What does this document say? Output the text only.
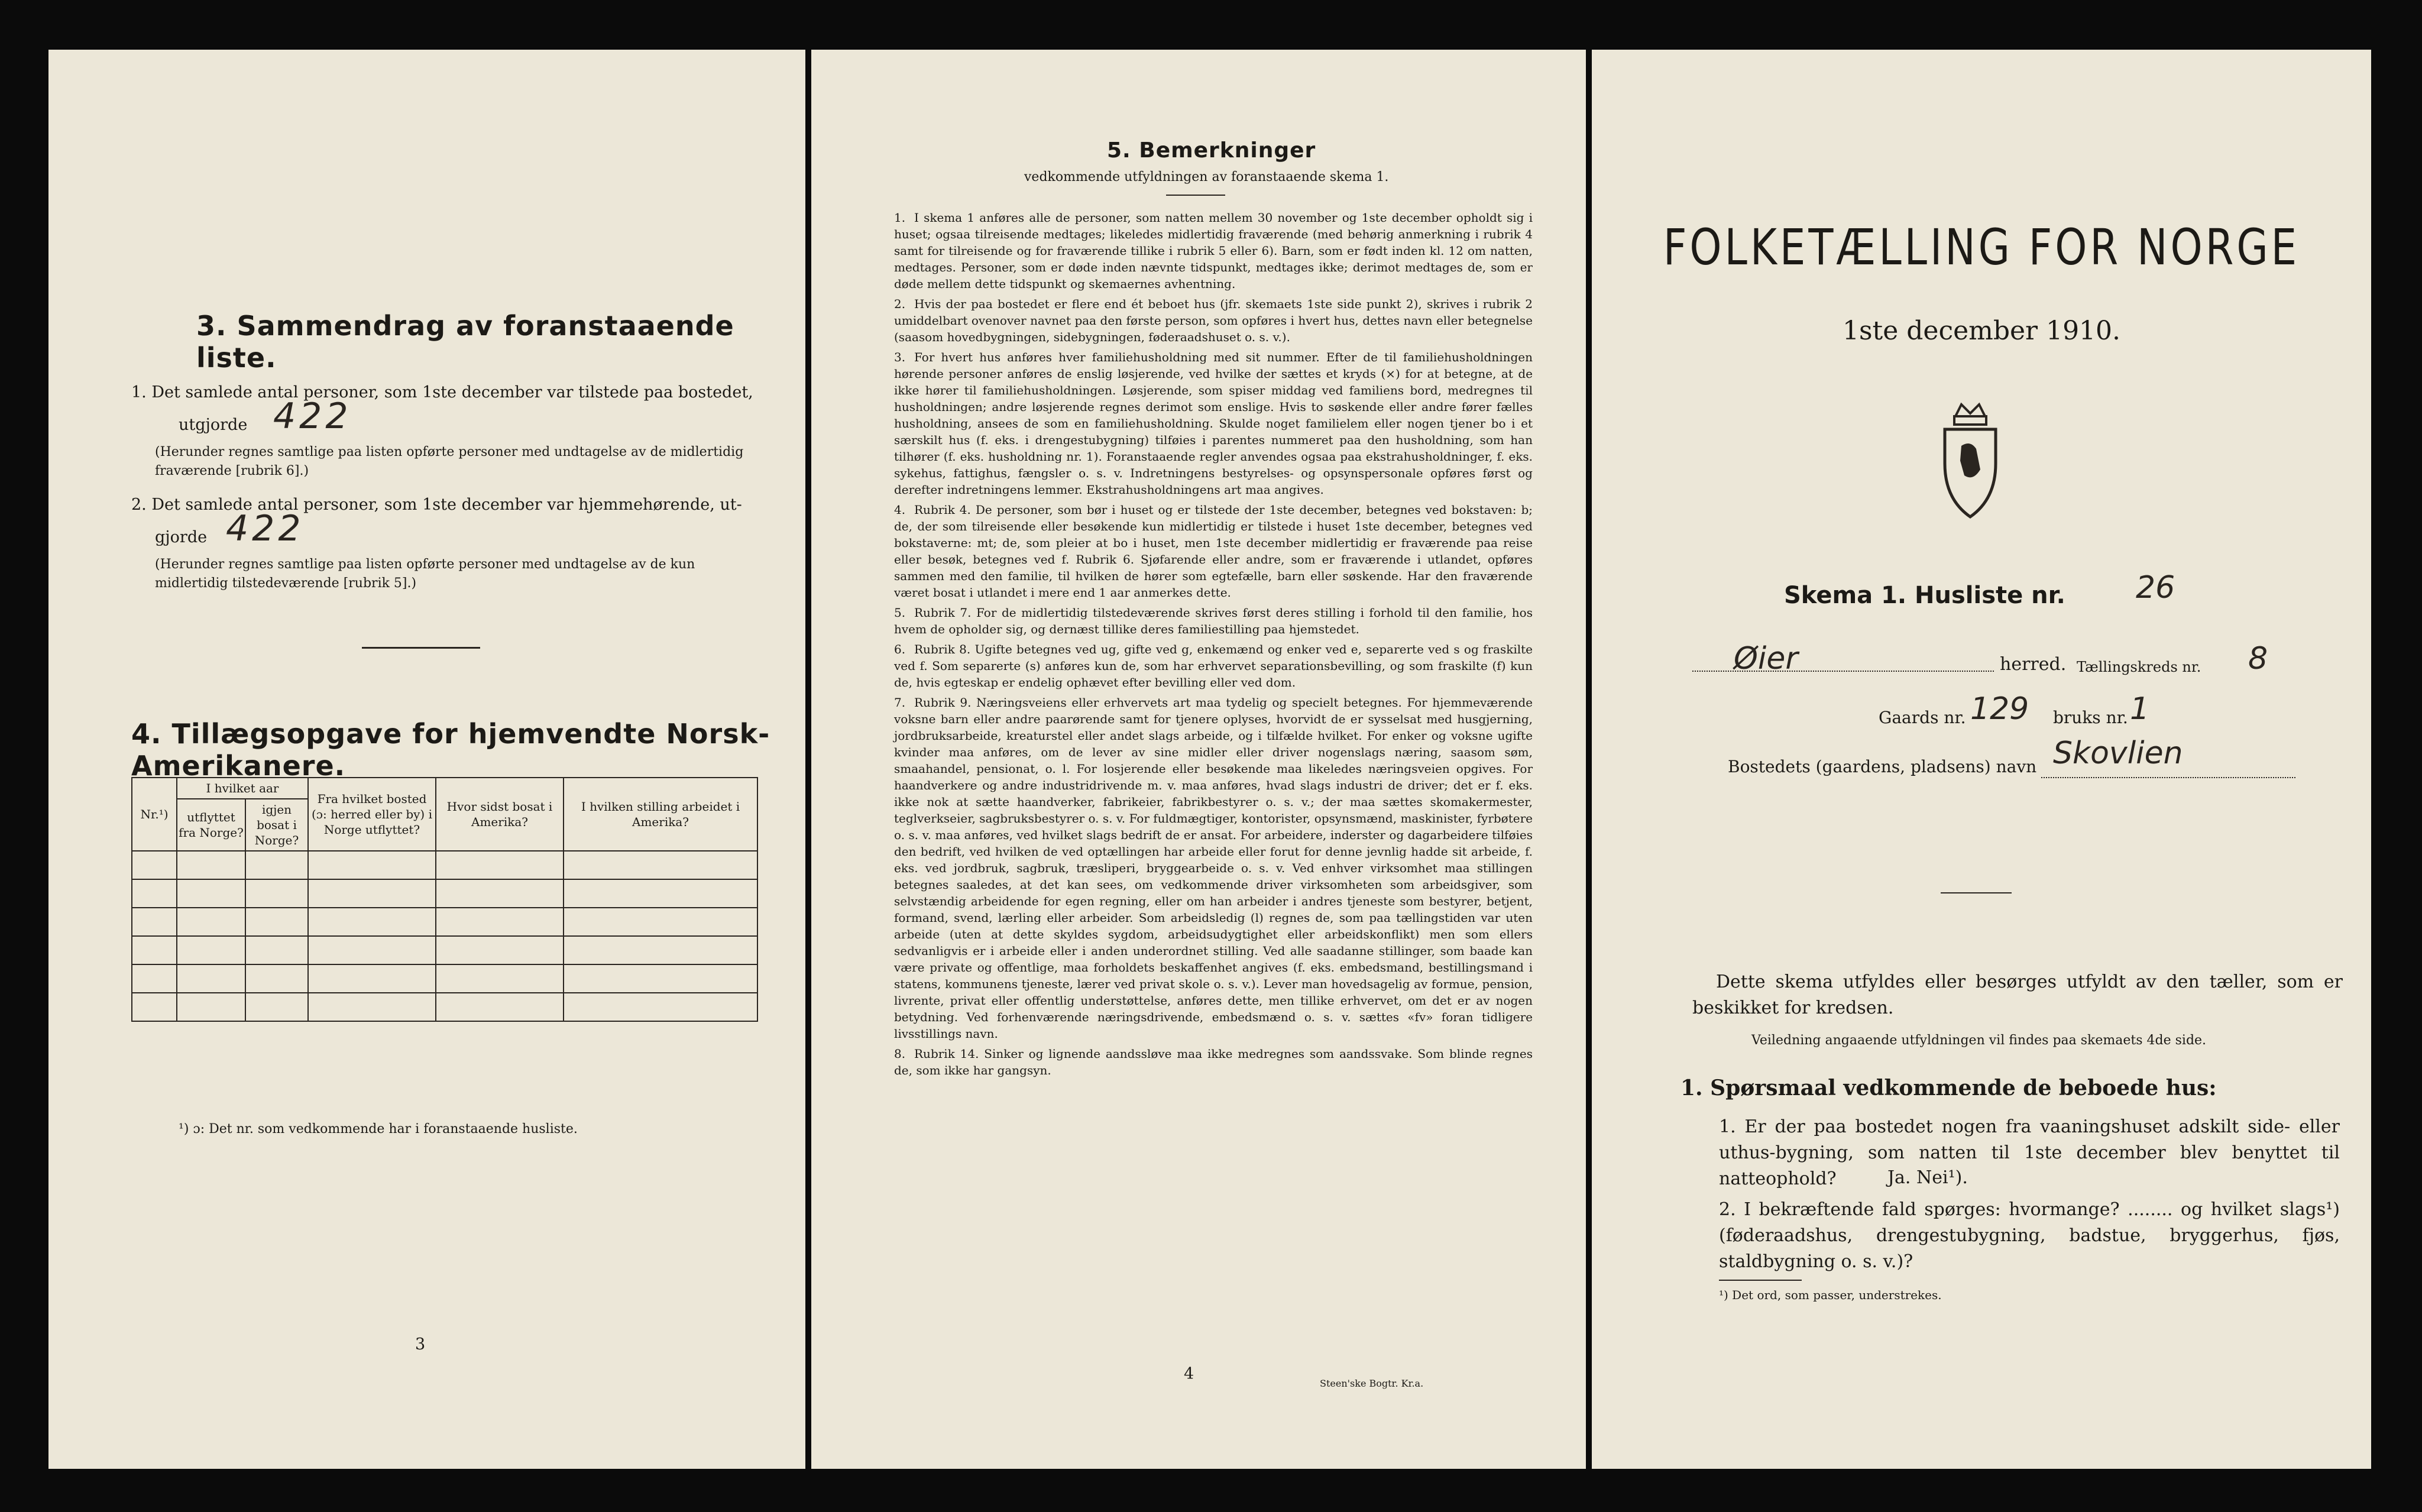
3. Sammendrag av foranstaaende liste.
1. Det samlede antal personer, som 1ste december var tilstede paa bostedet,
utgjorde 422
(Herunder regnes samtlige paa listen opførte personer med undtagelse av de midlertidig fraværende [rubrik 6].)
2. Det samlede antal personer, som 1ste december var hjemmehørende, ut-
gjorde 422
(Herunder regnes samtlige paa listen opførte personer med undtagelse av de kun midlertidig tilstedeværende [rubrik 5].)
4. Tillægsopgave for hjemvendte Norsk-Amerikanere.
Nr.¹)	I hvilket aar		Fra hvilket bosted (ɔ: herred eller by) i Norge utflyttet?	Hvor sidst bosat i Amerika?	I hvilken stilling arbeidet i Amerika?
	utflyttet fra Norge?	igjen bosat i Norge?			

¹) ɔ: Det nr. som vedkommende har i foranstaaende husliste.
3
5. Bemerkninger
vedkommende utfyldningen av foranstaaende skema 1.

1. I skema 1 anføres alle de personer, som natten mellem 30 november og 1ste december opholdt sig i huset; ogsaa tilreisende medtages; likeledes midlertidig fraværende (med behørig anmerkning i rubrik 4 samt for tilreisende og for fraværende tillike i rubrik 5 eller 6). Barn, som er født inden kl. 12 om natten, medtages. Personer, som er døde inden nævnte tidspunkt, medtages ikke; derimot medtages de, som er døde mellem dette tidspunkt og skemaernes avhentning.

2. Hvis der paa bostedet er flere end ét beboet hus (jfr. skemaets 1ste side punkt 2), skrives i rubrik 2 umiddelbart ovenover navnet paa den første person, som opføres i hvert hus, dettes navn eller betegnelse (saasom hovedbygningen, sidebygningen, føderaadshuset o. s. v.).

3. For hvert hus anføres hver familiehusholdning med sit nummer. Efter de til familiehusholdningen hørende personer anføres de enslig løsjerende, ved hvilke der sættes et kryds (×) for at betegne, at de ikke hører til familiehusholdningen. Løsjerende, som spiser middag ved familiens bord, medregnes til husholdningen; andre løsjerende regnes derimot som enslige. Hvis to søskende eller andre fører fælles husholdning, ansees de som en familiehusholdning. Skulde noget familielem eller nogen tjener bo i et særskilt hus (f. eks. i drengestubygning) tilføies i parentes nummeret paa den husholdning, som han tilhører (f. eks. husholdning nr. 1). Foranstaaende regler anvendes ogsaa paa ekstrahusholdninger, f. eks. sykehus, fattighus, fængsler o. s. v. Indretningens bestyrelses- og opsynspersonale opføres først og derefter indretningens lemmer. Ekstrahusholdningens art maa angives.

4. Rubrik 4. De personer, som bør i huset og er tilstede der 1ste december, betegnes ved bokstaven: b; de, der som tilreisende eller besøkende kun midlertidig er tilstede i huset 1ste december, betegnes ved bokstaverne: mt; de, som pleier at bo i huset, men 1ste december midlertidig er fraværende paa reise eller besøk, betegnes ved f. Rubrik 6. Sjøfarende eller andre, som er fraværende i utlandet, opføres sammen med den familie, til hvilken de hører som egtefælle, barn eller søskende. Har den fraværende været bosat i utlandet i mere end 1 aar anmerkes dette.

5. Rubrik 7. For de midlertidig tilstedeværende skrives først deres stilling i forhold til den familie, hos hvem de opholder sig, og dernæst tillike deres familiestilling paa hjemstedet.

6. Rubrik 8. Ugifte betegnes ved ug, gifte ved g, enkemænd og enker ved e, separerte ved s og fraskilte ved f. Som separerte (s) anføres kun de, som har erhvervet separationsbevilling, og som fraskilte (f) kun de, hvis egteskap er endelig ophævet efter bevilling eller ved dom.

7. Rubrik 9. Næringsveiens eller erhvervets art maa tydelig og specielt betegnes. For hjemmeværende voksne barn eller andre paarørende samt for tjenere oplyses, hvorvidt de er sysselsat med husgjerning, jordbruksarbeide, kreaturstel eller andet slags arbeide, og i tilfælde hvilket. For enker og voksne ugifte kvinder maa anføres, om de lever av sine midler eller driver nogenslags næring, saasom søm, smaahandel, pensionat, o. l. For losjerende eller besøkende maa likeledes næringsveien opgives. For haandverkere og andre industridrivende m. v. maa anføres, hvad slags industri de driver; det er f. eks. ikke nok at sætte haandverker, fabrikeier, fabrikbestyrer o. s. v.; der maa sættes skomakermester, teglverkseier, sagbruksbestyrer o. s. v. For fuldmægtiger, kontorister, opsynsmænd, maskinister, fyrbøtere o. s. v. maa anføres, ved hvilket slags bedrift de er ansat. For arbeidere, inderster og dagarbeidere tilføies den bedrift, ved hvilken de ved optællingen har arbeide eller forut for denne jevnlig hadde sit arbeide, f. eks. ved jordbruk, sagbruk, træsliperi, bryggearbeide o. s. v. Ved enhver virksomhet maa stillingen betegnes saaledes, at det kan sees, om vedkommende driver virksomheten som arbeidsgiver, som selvstændig arbeidende for egen regning, eller om han arbeider i andres tjeneste som bestyrer, betjent, formand, svend, lærling eller arbeider. Som arbeidsledig (l) regnes de, som paa tællingstiden var uten arbeide (uten at dette skyldes sygdom, arbeidsudygtighet eller arbeidskonflikt) men som ellers sedvanligvis er i arbeide eller i anden underordnet stilling. Ved alle saadanne stillinger, som baade kan være private og offentlige, maa forholdets beskaffenhet angives (f. eks. embedsmand, bestillingsmand i statens, kommunens tjeneste, lærer ved privat skole o. s. v.). Lever man hovedsagelig av formue, pension, livrente, privat eller offentlig understøttelse, anføres dette, men tillike erhvervet, om det er av nogen betydning. Ved forhenværende næringsdrivende, embedsmænd o. s. v. sættes «fv» foran tidligere livsstillings navn.

8. Rubrik 14. Sinker og lignende aandssløve maa ikke medregnes som aandssvake. Som blinde regnes de, som ikke har gangsyn.

4
Steen'ske Bogtr. Kr.a.
FOLKETÆLLING FOR NORGE
1ste december 1910.
Skema 1. Husliste nr. 26
Øier	herred. Tællingskreds nr. 8
Gaards nr. 129 bruks nr. 1
Bostedets (gaardens, pladsens) navn Skovlien
Dette skema utfyldes eller besørges utfyldt av den tæller, som er beskikket for kredsen.
Veiledning angaaende utfyldningen vil findes paa skemaets 4de side.
1. Spørsmaal vedkommende de beboede hus:
1. Er der paa bostedet nogen fra vaaningshuset adskilt side- eller uthus-bygning, som natten til 1ste december blev benyttet til natteophold?	Ja. Nei¹).
2. I bekræftende fald spørges: hvormange? ........ og hvilket slags¹) (føderaadshus, drengestubygning, badstue, bryggerhus, fjøs, staldbygning o. s. v.)?
¹) Det ord, som passer, understrekes.
